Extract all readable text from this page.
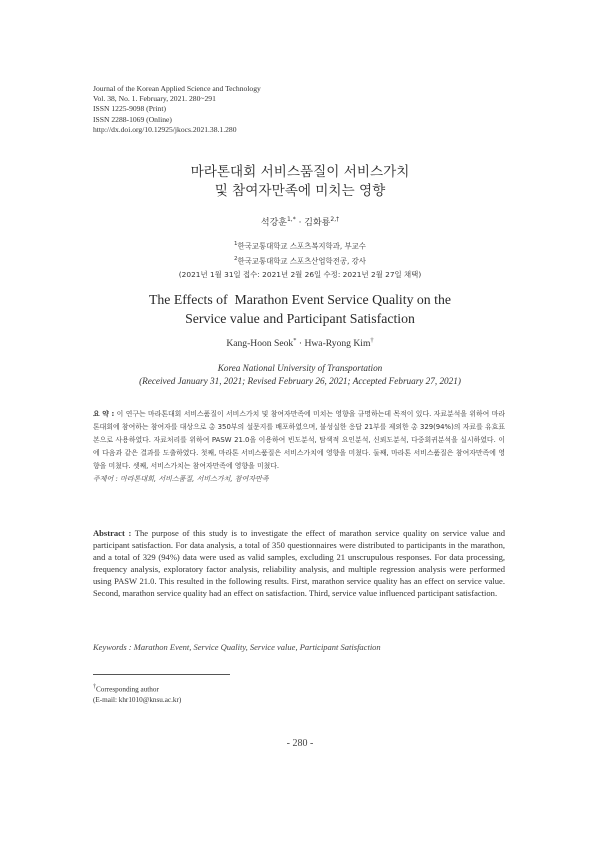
Journal of the Korean Applied Science and Technology
Vol. 38, No. 1. February, 2021. 280~291
ISSN 1225-9098 (Print)
ISSN 2288-1069 (Online)
http://dx.doi.org/10.12925/jkocs.2021.38.1.280
마라톤대회 서비스품질이 서비스가치
및 참여자만족에 미치는 영향
석강훈$^{1,*}$ · 김화룡$^{2,\dagger}$
$^1$한국교통대학교 스포츠복지학과, 부교수
$^2$한국교통대학교 스포츠산업학전공, 강사
(2021년 1월 31일 접수: 2021년 2월 26일 수정: 2021년 2월 27일 채택)
The Effects of  Marathon Event Service Quality on the
Service value and Participant Satisfaction
Kang-Hoon Seok* · Hwa-Ryong Kim†
Korea National University of Transportation
(Received January 31, 2021; Revised February 26, 2021; Accepted February 27, 2021)
요 약 : 이 연구는 마라톤대회 서비스품질이 서비스가치 및 참여자만족에 미치는 영향을 규명하는데 목적이 있다. 자료분석을 위하여 마라톤대회에 참여하는 참여자를 대상으로 총 350부의 설문지를 배포하였으며, 불성실한 응답 21부를 제외한 총 329(94%)의 자료를 유효표본으로 사용하였다. 자료처리를 위하여 PASW 21.0을 이용하여 빈도분석, 탐색적 요인분석, 신뢰도분석, 다중회귀분석을 실시하였다. 이에 다음과 같은 결과를 도출하였다. 첫째, 마라톤 서비스품질은 서비스가치에 영향을 미쳤다. 둘째, 마라톤 서비스품질은 참여자만족에 영향을 미쳤다. 셋째, 서비스가치는 참여자만족에 영향을 미쳤다.
주제어 : 마라톤대회, 서비스품질, 서비스가치, 참여자만족
Abstract : The purpose of this study is to investigate the effect of marathon service quality on service value and participant satisfaction. For data analysis, a total of 350 questionnaires were distributed to participants in the marathon, and a total of 329 (94%) data were used as valid samples, excluding 21 unscrupulous responses. For data processing, frequency analysis, exploratory factor analysis, reliability analysis, and multiple regression analysis were performed using PASW 21.0. This resulted in the following results. First, marathon service quality has an effect on service value. Second, marathon service quality had an effect on satisfaction. Third, service value influenced participant satisfaction.
Keywords : Marathon Event, Service Quality, Service value, Participant Satisfaction
†Corresponding author
(E-mail: khr1010@knsu.ac.kr)
- 280 -
